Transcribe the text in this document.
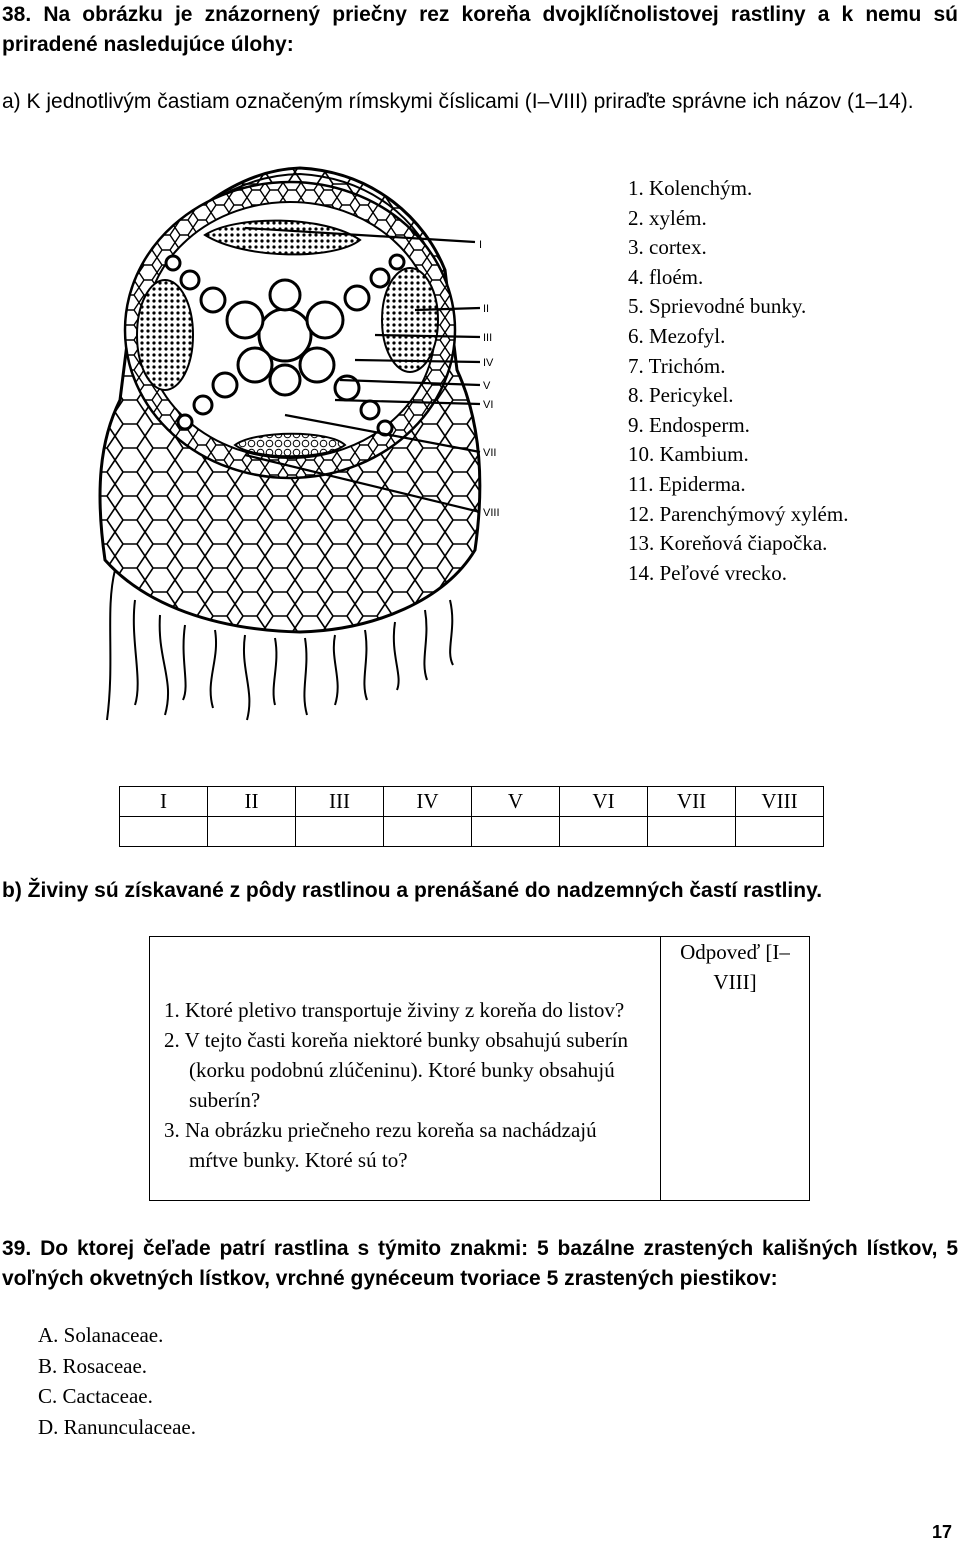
38. Na obrázku je znázornený priečny rez koreňa dvojklíčnolistovej rastliny a k nemu sú priradené nasledujúce úlohy:
a) K jednotlivým častiam označeným rímskymi číslicami (I–VIII) priraďte správne ich názov (1–14).
I
II
III
IV
V
VI
VII
VIII
1. Kolenchým.
2. xylém.
3. cortex.
4. floém.
5. Sprievodné bunky.
6. Mezofyl.
7. Trichóm.
8. Pericykel.
9. Endosperm.
10. Kambium.
11. Epiderma.
12. Parenchýmový xylém.
13. Koreňová čiapočka.
14. Peľové vrecko.
I	II	III	IV	V	VI	VII	VIII

b) Živiny sú získavané z pôdy rastlinou a prenášané do nadzemných častí rastliny.
1. Ktoré pletivo transportuje živiny z koreňa do listov?
2. V tejto časti koreňa niektoré bunky obsahujú suberín (korku podobnú zlúčeninu). Ktoré bunky obsahujú suberín?
3. Na obrázku priečneho rezu koreňa sa nachádzajú mŕtve bunky. Ktoré sú to?

Odpoveď [I–VIII]
39. Do ktorej čeľade patrí rastlina s týmito znakmi: 5 bazálne zrastených kališných lístkov, 5 voľných okvetných lístkov, vrchné gynéceum tvoriace 5 zrastených piestikov:
A. Solanaceae.
B. Rosaceae.
C. Cactaceae.
D. Ranunculaceae.
17
